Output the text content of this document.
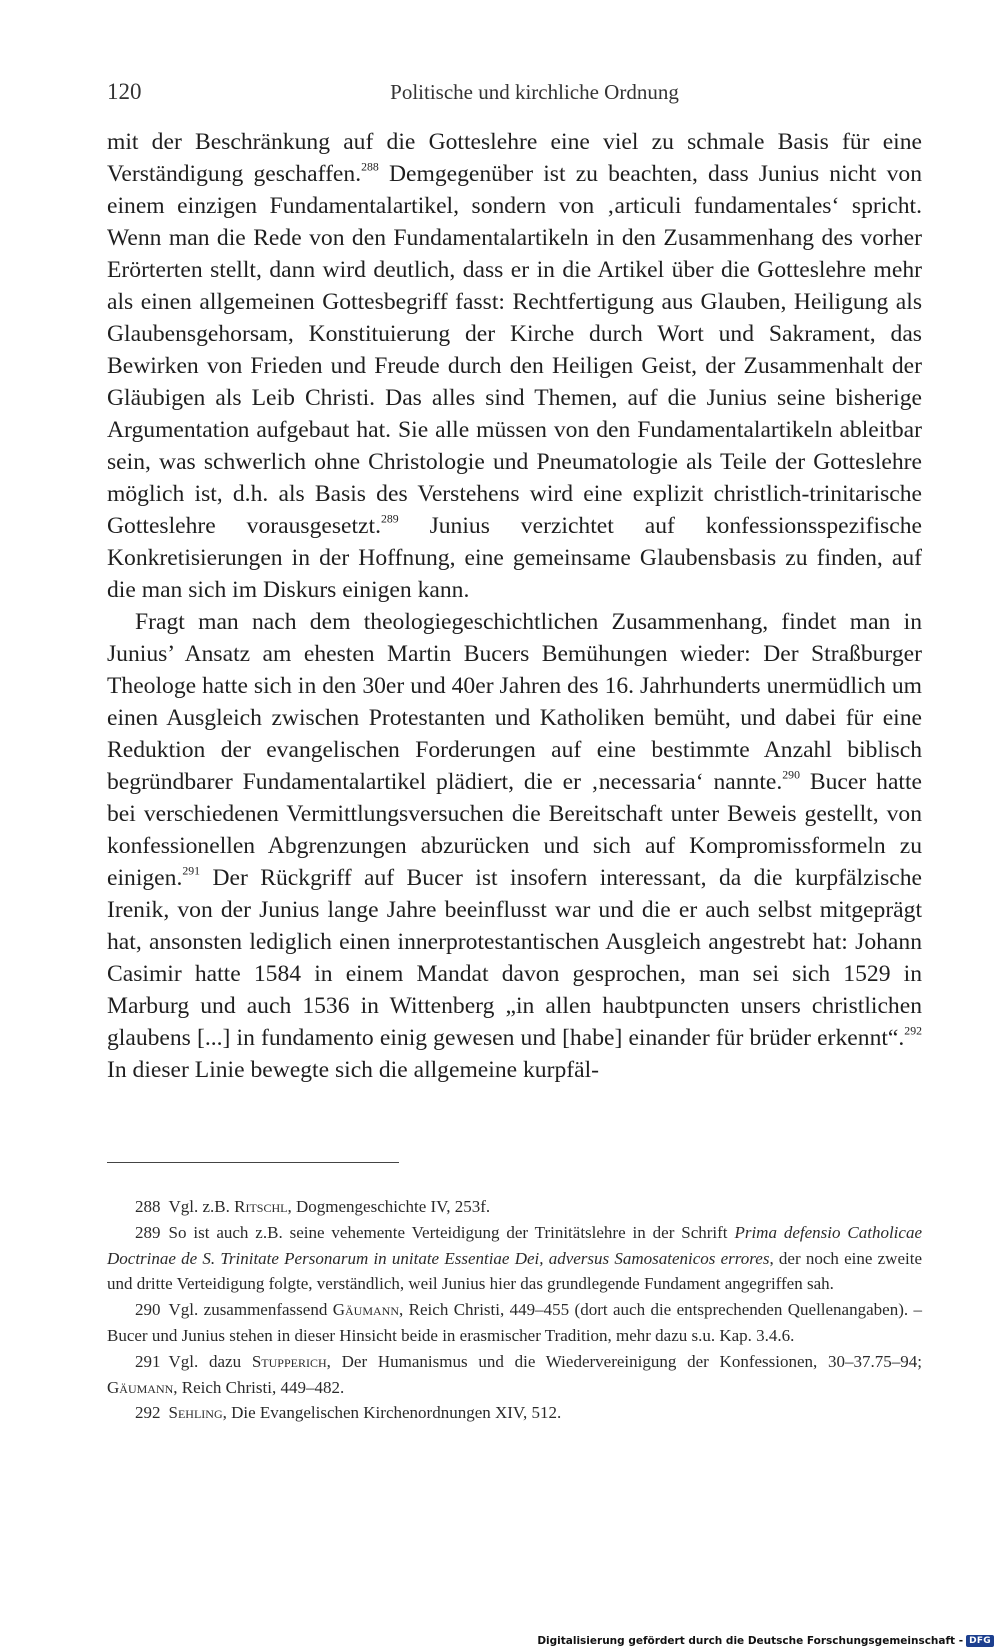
120	Politische und kirchliche Ordnung

mit der Beschränkung auf die Gotteslehre eine viel zu schmale Basis für eine Verständigung geschaffen.$^{288}$ Demgegenüber ist zu beachten, dass Junius nicht von einem einzigen Fundamentalartikel, sondern von ‚articuli fundamentales‘ spricht. Wenn man die Rede von den Fundamentalartikeln in den Zusammenhang des vorher Erörterten stellt, dann wird deutlich, dass er in die Artikel über die Gotteslehre mehr als einen allgemeinen Gottesbegriff fasst: Rechtfertigung aus Glauben, Heiligung als Glaubensgehorsam, Konstituierung der Kirche durch Wort und Sakrament, das Bewirken von Frieden und Freude durch den Heiligen Geist, der Zusammenhalt der Gläubigen als Leib Christi. Das alles sind Themen, auf die Junius seine bisherige Argumentation aufgebaut hat. Sie alle müssen von den Fundamentalartikeln ableitbar sein, was schwerlich ohne Christologie und Pneumatologie als Teile der Gotteslehre möglich ist, d.h. als Basis des Verstehens wird eine explizit christlich-trinitarische Gotteslehre vorausgesetzt.$^{289}$ Junius verzichtet auf konfessionsspezifische Konkretisierungen in der Hoffnung, eine gemeinsame Glaubensbasis zu finden, auf die man sich im Diskurs einigen kann.

Fragt man nach dem theologiegeschichtlichen Zusammenhang, findet man in Junius’ Ansatz am ehesten Martin Bucers Bemühungen wieder: Der Straßburger Theologe hatte sich in den 30er und 40er Jahren des 16. Jahrhunderts unermüdlich um einen Ausgleich zwischen Protestanten und Katholiken bemüht, und dabei für eine Reduktion der evangelischen Forderungen auf eine bestimmte Anzahl biblisch begründbarer Fundamentalartikel plädiert, die er ‚necessaria‘ nannte.$^{290}$ Bucer hatte bei verschiedenen Vermittlungsversuchen die Bereitschaft unter Beweis gestellt, von konfessionellen Abgrenzungen abzurücken und sich auf Kompromissformeln zu einigen.$^{291}$ Der Rückgriff auf Bucer ist insofern interessant, da die kurpfälzische Irenik, von der Junius lange Jahre beeinflusst war und die er auch selbst mitgeprägt hat, ansonsten lediglich einen innerprotestantischen Ausgleich angestrebt hat: Johann Casimir hatte 1584 in einem Mandat davon gesprochen, man sei sich 1529 in Marburg und auch 1536 in Wittenberg „in allen haubtpuncten unsers christlichen glaubens [...] in fundamento einig gewesen und [habe] einander für brüder erkennt“.$^{292}$ In dieser Linie bewegte sich die allgemeine kurpfäl-

288 Vgl. z.B. Ritschl, Dogmengeschichte IV, 253f.

289 So ist auch z.B. seine vehemente Verteidigung der Trinitätslehre in der Schrift Prima defensio Catholicae Doctrinae de S. Trinitate Personarum in unitate Essentiae Dei, adversus Samosatenicos errores, der noch eine zweite und dritte Verteidigung folgte, verständlich, weil Junius hier das grundlegende Fundament angegriffen sah.

290 Vgl. zusammenfassend Gäumann, Reich Christi, 449–455 (dort auch die entsprechenden Quellenangaben). – Bucer und Junius stehen in dieser Hinsicht beide in erasmischer Tradition, mehr dazu s.u. Kap. 3.4.6.

291 Vgl. dazu Stupperich, Der Humanismus und die Wiedervereinigung der Konfessionen, 30–37.75–94; Gäumann, Reich Christi, 449–482.

292 Sehling, Die Evangelischen Kirchenordnungen XIV, 512.

Digitalisierung gefördert durch die Deutsche Forschungsgemeinschaft - DFG
